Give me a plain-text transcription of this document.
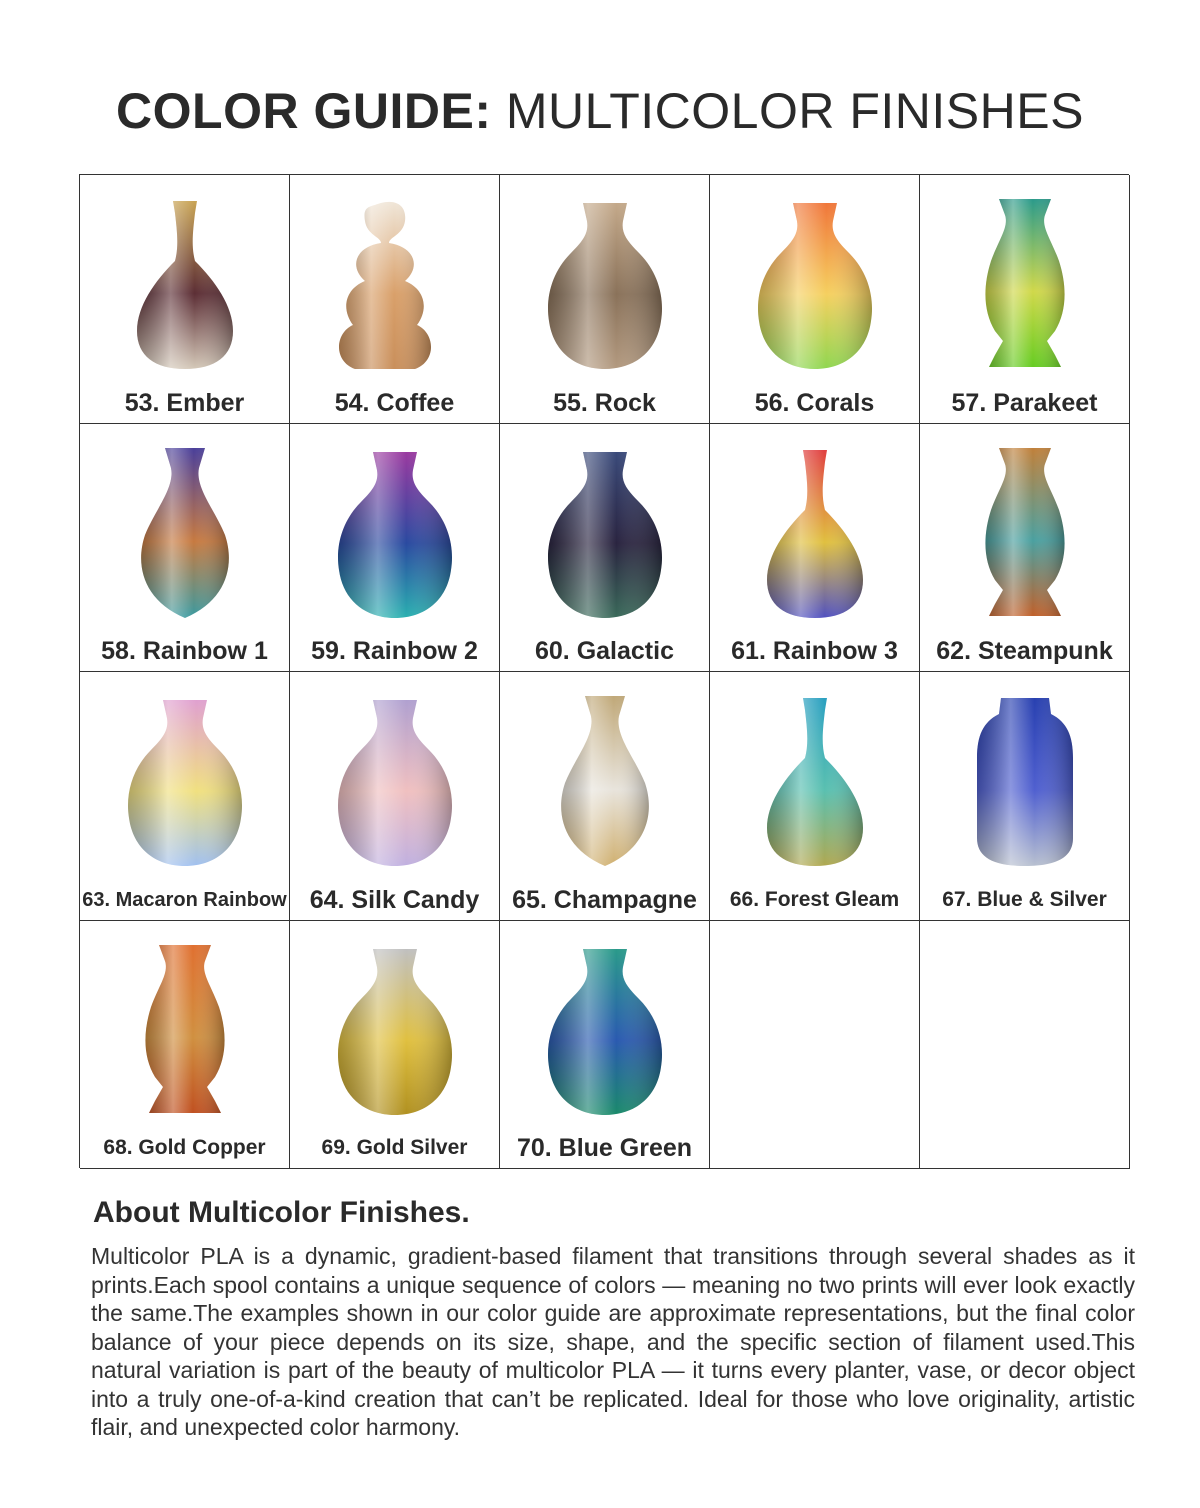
COLOR GUIDE: MULTICOLOR FINISHES
53. Ember	54. Coffee	55. Rock	56. Corals	57. Parakeet
58. Rainbow 1	59. Rainbow 2	60. Galactic	61. Rainbow 3	62. Steampunk
63. Macaron Rainbow 64. Silk Candy	65. Champagne	66. Forest Gleam	67. Blue & Silver
68. Gold Copper	69. Gold Silver	70. Blue Green
About Multicolor Finishes.
Multicolor PLA is a dynamic, gradient-based filament that transitions through several shades as it prints.Each spool contains a unique sequence of colors — meaning no two prints will ever look exactly the same.The examples shown in our color guide are approximate representations, but the final color balance of your piece depends on its size, shape, and the specific section of filament used.This natural variation is part of the beauty of multicolor PLA — it turns every planter, vase, or decor object into a truly one-of-a-kind creation that can’t be replicated. Ideal for those who love originality, artistic flair, and unexpected color harmony.
